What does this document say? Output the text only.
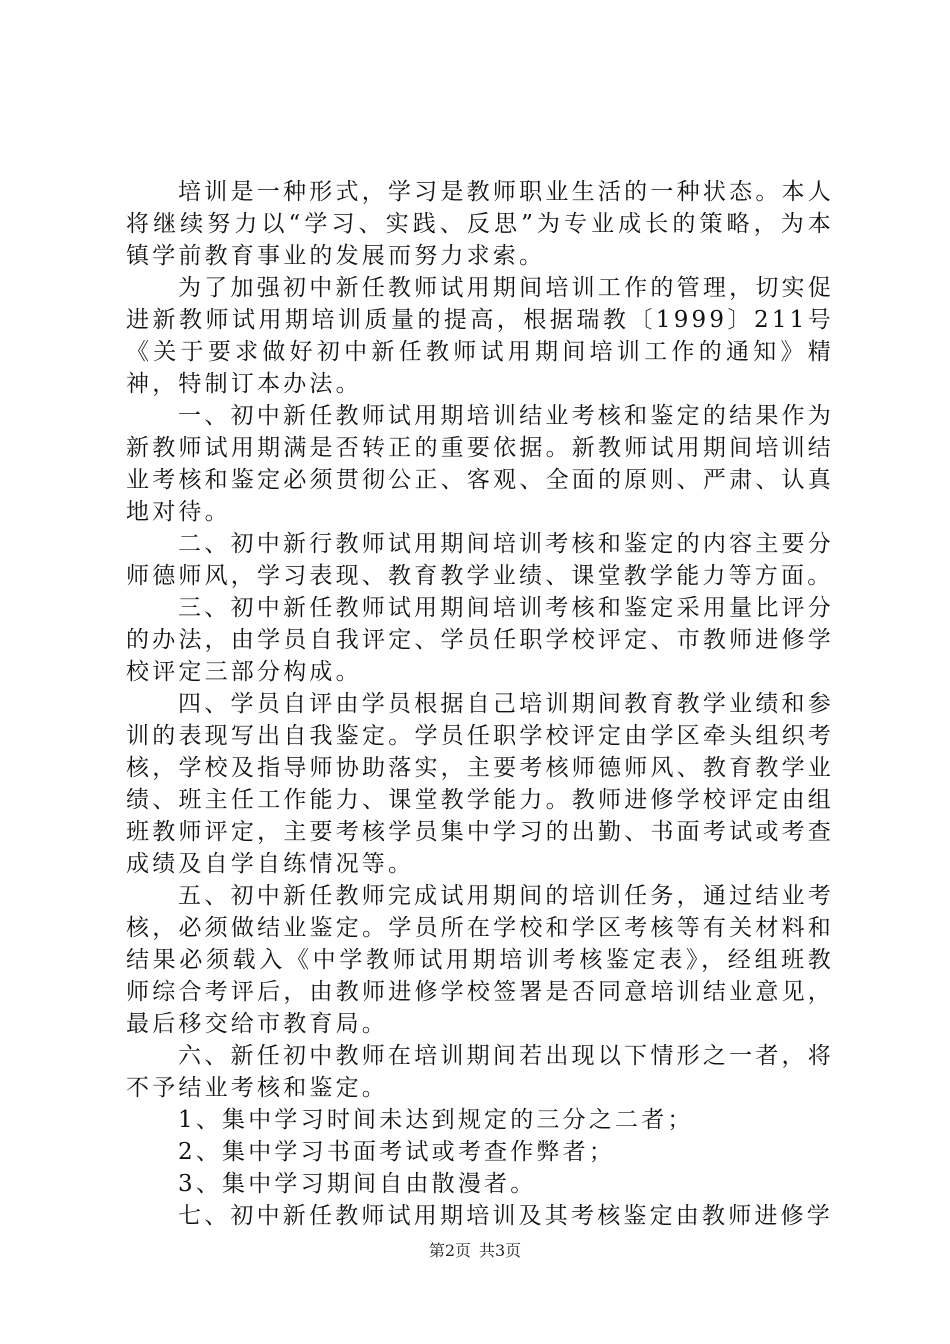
培训是一种形式，学习是教师职业生活的一种状态。本人将继续努力以“学习、实践、反思”为专业成长的策略，为本镇学前教育事业的发展而努力求索。

为了加强初中新任教师试用期间培训工作的管理，切实促进新教师试用期培训质量的提高，根据瑞教〔1999〕211号《关于要求做好初中新任教师试用期间培训工作的通知》精神，特制订本办法。

一、初中新任教师试用期培训结业考核和鉴定的结果作为新教师试用期满是否转正的重要依据。新教师试用期间培训结业考核和鉴定必须贯彻公正、客观、全面的原则、严肃、认真地对待。

二、初中新行教师试用期间培训考核和鉴定的内容主要分师德师风，学习表现、教育教学业绩、课堂教学能力等方面。

三、初中新任教师试用期间培训考核和鉴定采用量比评分的办法，由学员自我评定、学员任职学校评定、市教师进修学校评定三部分构成。

四、学员自评由学员根据自己培训期间教育教学业绩和参训的表现写出自我鉴定。学员任职学校评定由学区牵头组织考核，学校及指导师协助落实，主要考核师德师风、教育教学业绩、班主任工作能力、课堂教学能力。教师进修学校评定由组班教师评定，主要考核学员集中学习的出勤、书面考试或考查成绩及自学自练情况等。

五、初中新任教师完成试用期间的培训任务，通过结业考核，必须做结业鉴定。学员所在学校和学区考核等有关材料和结果必须载入《中学教师试用期培训考核鉴定表》，经组班教师综合考评后，由教师进修学校签署是否同意培训结业意见，最后移交给市教育局。

六、新任初中教师在培训期间若出现以下情形之一者，将不予结业考核和鉴定。

1、集中学习时间未达到规定的三分之二者；

2、集中学习书面考试或考查作弊者；

3、集中学习期间自由散漫者。

七、初中新任教师试用期培训及其考核鉴定由教师进修学

第2页 共3页
